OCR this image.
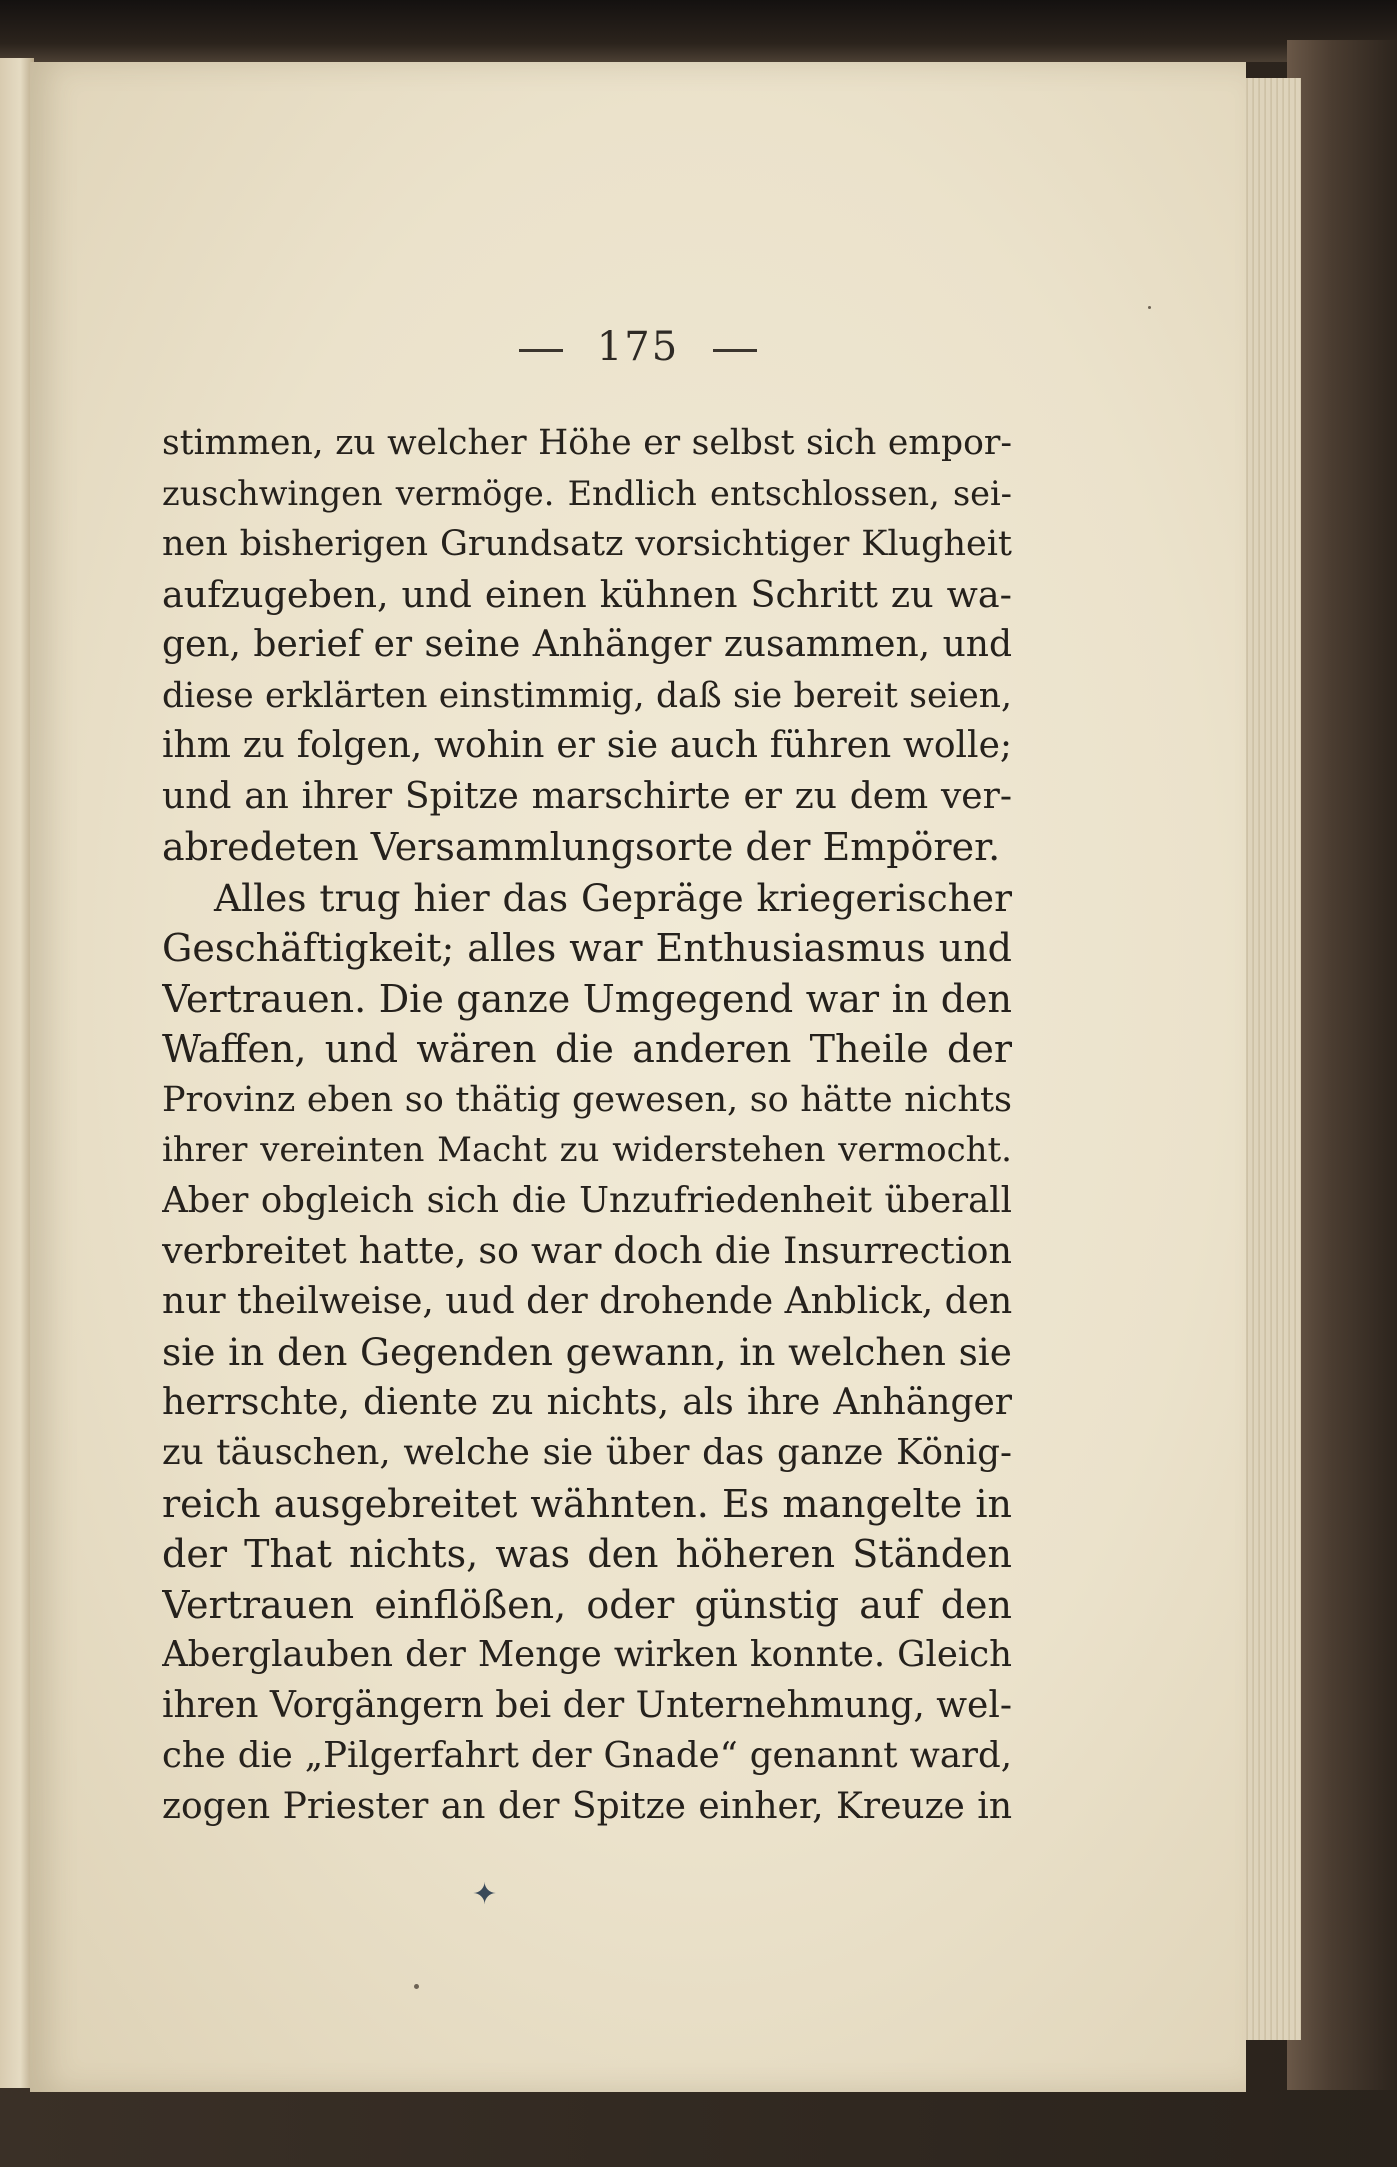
175
stimmen, zu welcher Höhe er selbst sich empor-
zuschwingen vermöge. Endlich entschlossen, sei-
nen bisherigen Grundsatz vorsichtiger Klugheit
aufzugeben, und einen kühnen Schritt zu wa-
gen, berief er seine Anhänger zusammen, und
diese erklärten einstimmig, daß sie bereit seien,
ihm zu folgen, wohin er sie auch führen wolle;
und an ihrer Spitze marschirte er zu dem ver-
abredeten Versammlungsorte der Empörer.
Alles trug hier das Gepräge kriegerischer
Geschäftigkeit; alles war Enthusiasmus und
Vertrauen. Die ganze Umgegend war in den
Waffen, und wären die anderen Theile der
Provinz eben so thätig gewesen, so hätte nichts
ihrer vereinten Macht zu widerstehen vermocht.
Aber obgleich sich die Unzufriedenheit überall
verbreitet hatte, so war doch die Insurrection
nur theilweise, uud der drohende Anblick, den
sie in den Gegenden gewann, in welchen sie
herrschte, diente zu nichts, als ihre Anhänger
zu täuschen, welche sie über das ganze König-
reich ausgebreitet wähnten. Es mangelte in
der That nichts, was den höheren Ständen
Vertrauen einflößen, oder günstig auf den
Aberglauben der Menge wirken konnte. Gleich
ihren Vorgängern bei der Unternehmung, wel-
che die „Pilgerfahrt der Gnade“ genannt ward,
zogen Priester an der Spitze einher, Kreuze in
✦
